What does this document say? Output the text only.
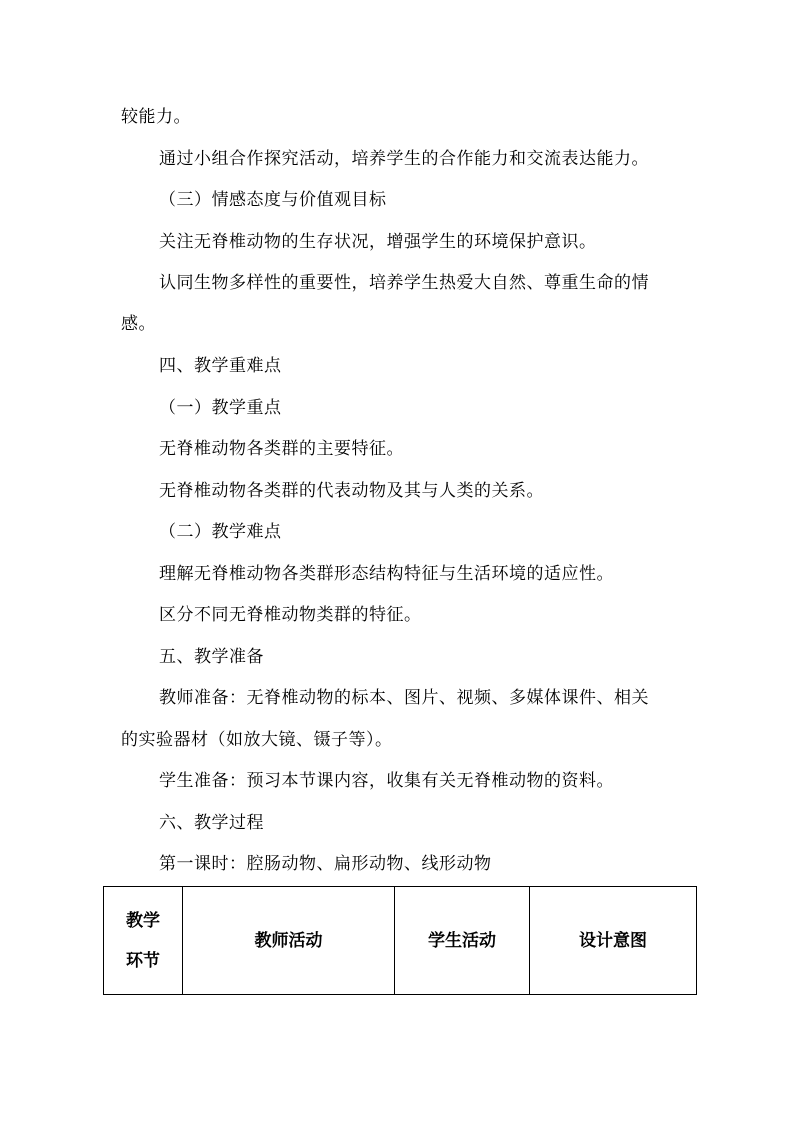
较能力。
通过小组合作探究活动，培养学生的合作能力和交流表达能力。
（三）情感态度与价值观目标
关注无脊椎动物的生存状况，增强学生的环境保护意识。
认同生物多样性的重要性，培养学生热爱大自然、尊重生命的情
感。
四、教学重难点
（一）教学重点
无脊椎动物各类群的主要特征。
无脊椎动物各类群的代表动物及其与人类的关系。
（二）教学难点
理解无脊椎动物各类群形态结构特征与生活环境的适应性。
区分不同无脊椎动物类群的特征。
五、教学准备
教师准备：无脊椎动物的标本、图片、视频、多媒体课件、相关
的实验器材（如放大镜、镊子等）。
学生准备：预习本节课内容，收集有关无脊椎动物的资料。
六、教学过程
第一课时：腔肠动物、扁形动物、线形动物
教学
环节
	教师活动	学生活动	设计意图
